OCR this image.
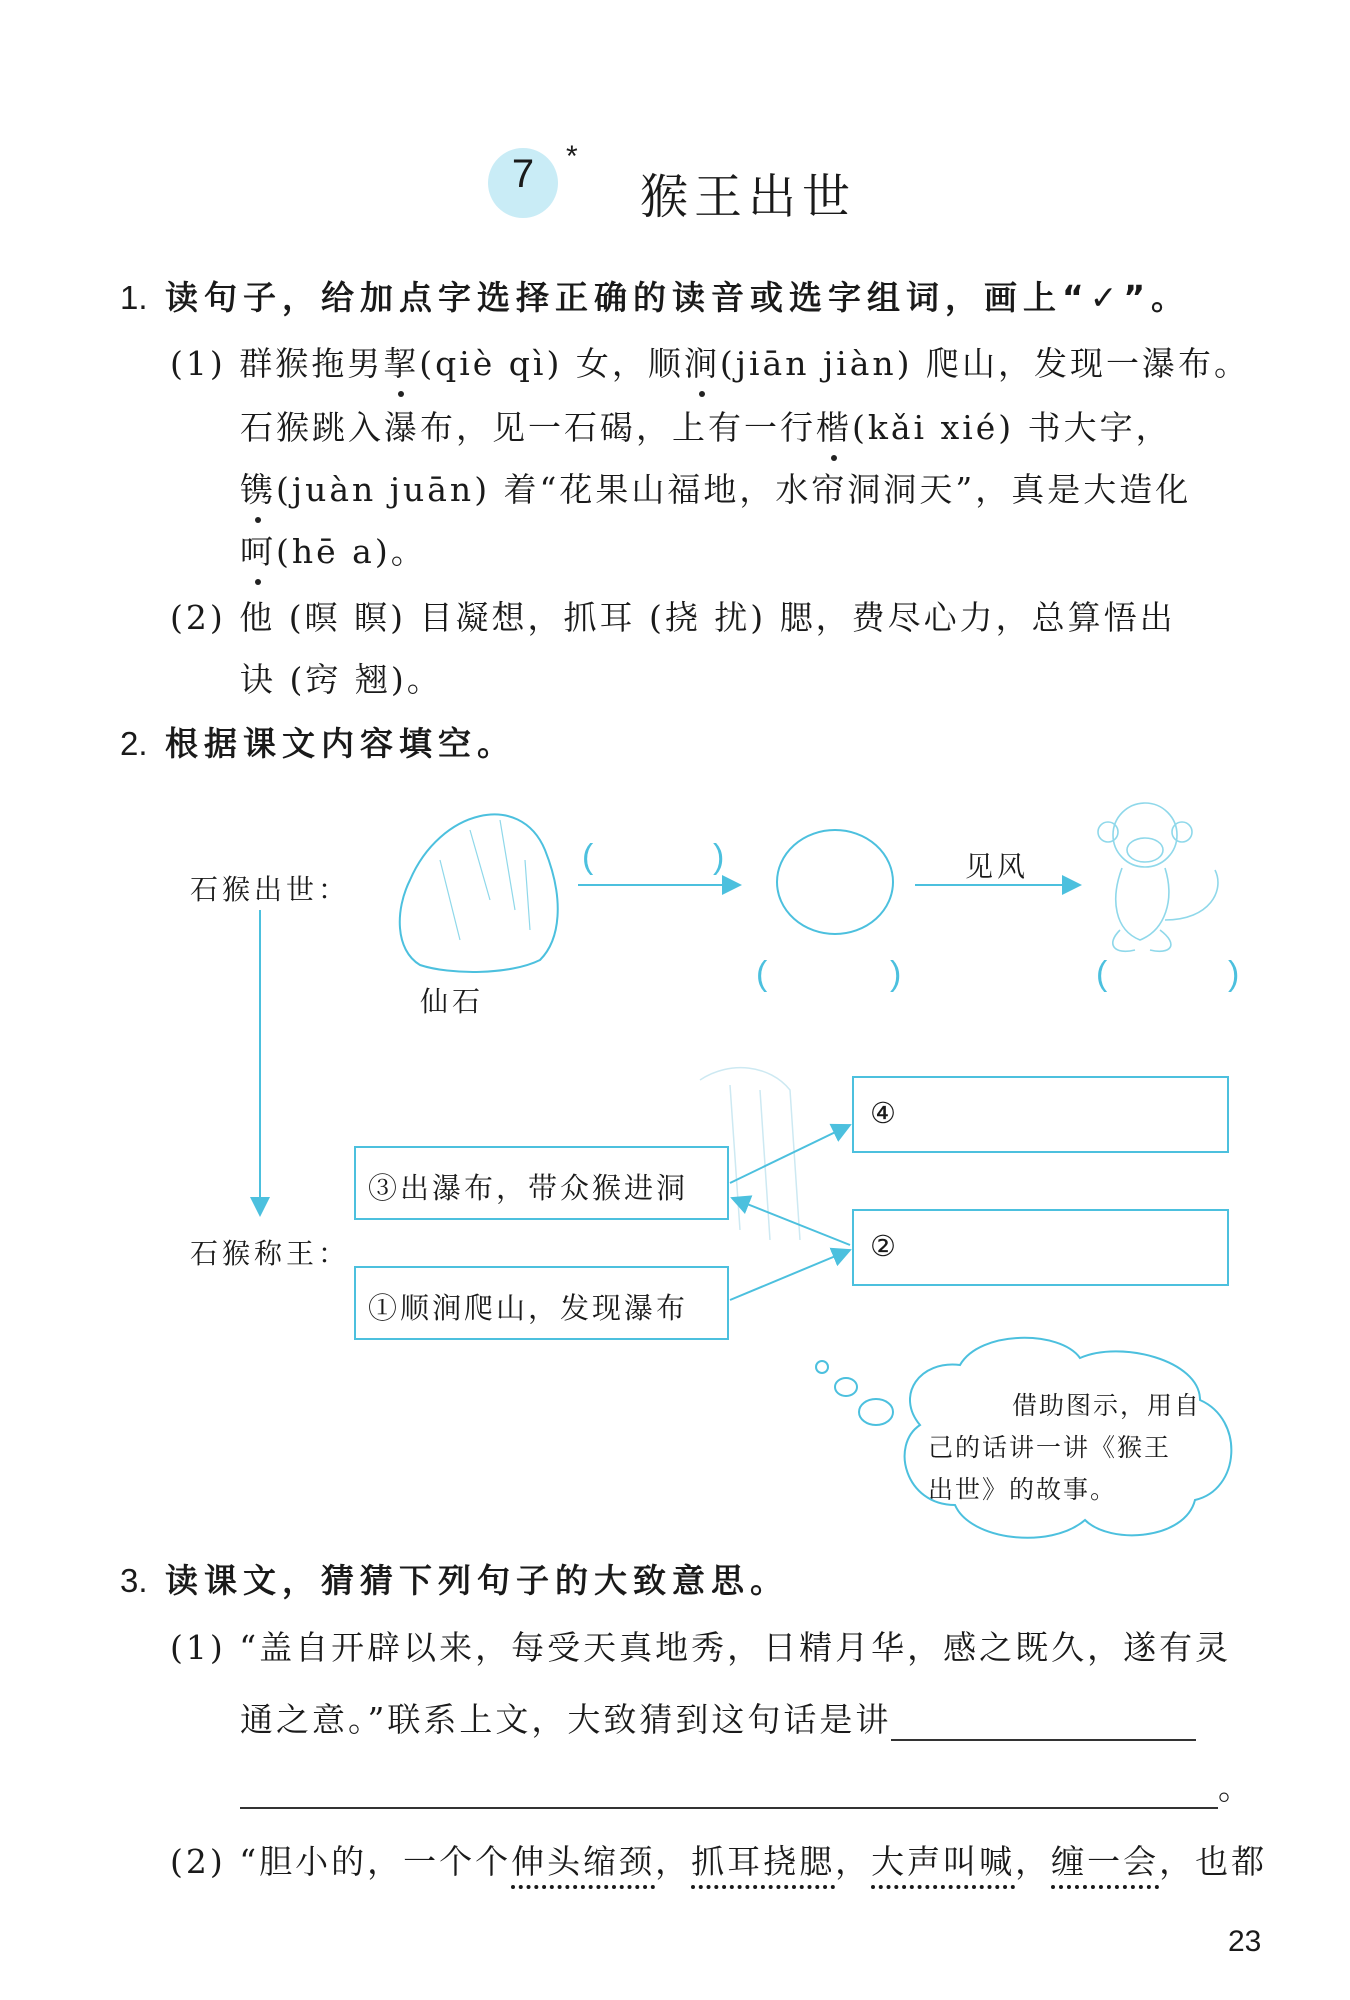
7	*
猴王出世
1. 读句子，给加点字选择正确的读音或选字组词，画上“✓”。
(1) 群猴拖男挈(qiè qì) 女，顺涧(jiān jiàn) 爬山，发现一瀑布。
石猴跳入瀑布，见一石碣，上有一行楷(kǎi xié) 书大字，
镌(juàn juān) 着“花果山福地，水帘洞洞天”，真是大造化
呵(hē a)。
(2) 他 (暝 瞑) 目凝想，抓耳 (挠 扰) 腮，费尽心力，总算悟出
诀 (窍 翘)。
2. 根据课文内容填空。
石猴出世：
仙石
见风
石猴称王：
(	)
(	)	(	)
③出瀑布，带众猴进洞
①顺涧爬山，发现瀑布
④
②
借助图示，用自
己的话讲一讲《猴王
出世》的故事。
3. 读课文，猜猜下列句子的大致意思。
(1) “盖自开辟以来，每受天真地秀，日精月华，感之既久，遂有灵
通之意。”联系上文，大致猜到这句话是讲
。
(2) “胆小的，一个个伸头缩颈，抓耳挠腮，大声叫喊，缠一会，也都
23
